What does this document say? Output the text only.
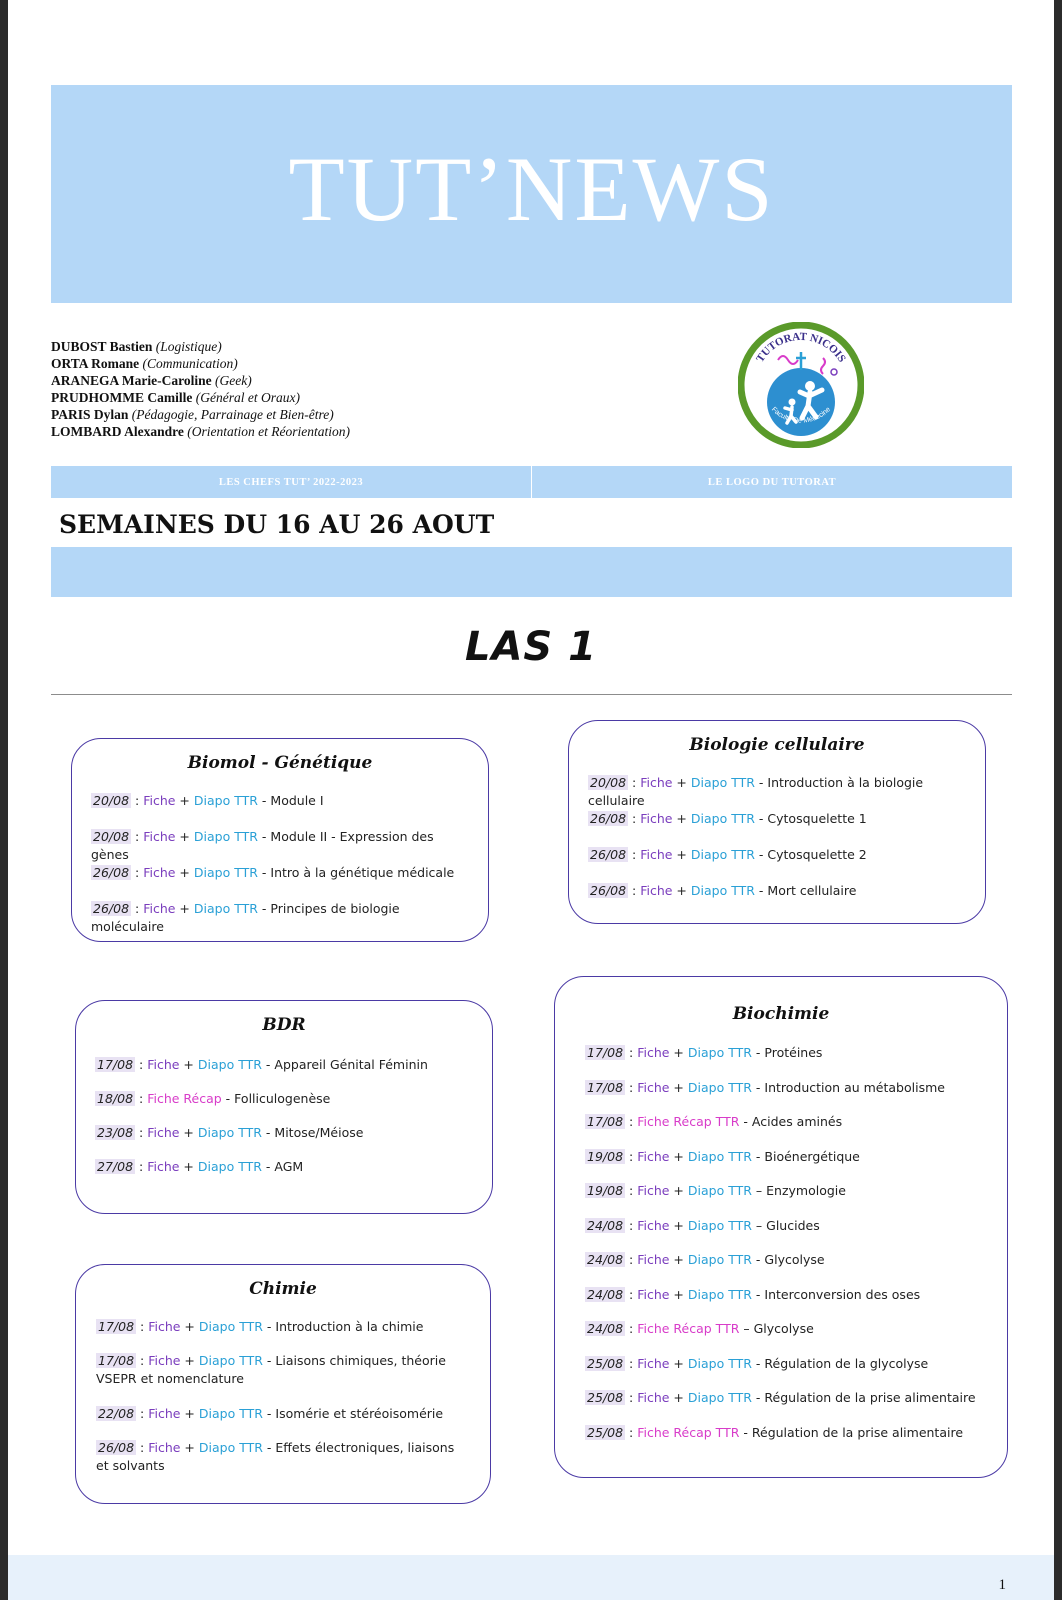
TUT’NEWS
DUBOST Bastien (Logistique)
ORTA Romane (Communication)
ARANEGA Marie-Caroline (Geek)
PRUDHOMME Camille (Général et Oraux)
PARIS Dylan (Pédagogie, Parrainage et Bien-être)
LOMBARD Alexandre (Orientation et Réorientation)
TUTORAT NICOIS
Faculté De Médecine
LES CHEFS TUT’ 2022-2023	LE LOGO DU TUTORAT
SEMAINES DU 16 AU 26 AOUT
LAS 1
Biomol - Génétique
20/08 : Fiche + Diapo TTR - Module I
20/08 : Fiche + Diapo TTR - Module II - Expression des gènes
26/08 : Fiche + Diapo TTR - Intro à la génétique médicale
26/08 : Fiche + Diapo TTR - Principes de biologie moléculaire
Biologie cellulaire
20/08 : Fiche + Diapo TTR - Introduction à la biologie cellulaire
26/08 : Fiche + Diapo TTR - Cytosquelette 1
26/08 : Fiche + Diapo TTR - Cytosquelette 2
26/08 : Fiche + Diapo TTR - Mort cellulaire
BDR
17/08 : Fiche + Diapo TTR - Appareil Génital Féminin
18/08 : Fiche Récap - Folliculogenèse
23/08 : Fiche + Diapo TTR - Mitose/Méiose
27/08 : Fiche + Diapo TTR - AGM
Chimie
17/08 : Fiche + Diapo TTR - Introduction à la chimie
17/08 : Fiche + Diapo TTR - Liaisons chimiques, théorie VSEPR et nomenclature
22/08 : Fiche + Diapo TTR - Isomérie et stéréoisomérie
26/08 : Fiche + Diapo TTR - Effets électroniques, liaisons et solvants
Biochimie
17/08 : Fiche + Diapo TTR - Protéines
17/08 : Fiche + Diapo TTR - Introduction au métabolisme
17/08 : Fiche Récap TTR - Acides aminés
19/08 : Fiche + Diapo TTR - Bioénergétique
19/08 : Fiche + Diapo TTR – Enzymologie
24/08 : Fiche + Diapo TTR – Glucides
24/08 : Fiche + Diapo TTR - Glycolyse
24/08 : Fiche + Diapo TTR - Interconversion des oses
24/08 : Fiche Récap TTR – Glycolyse
25/08 : Fiche + Diapo TTR - Régulation de la glycolyse
25/08 : Fiche + Diapo TTR - Régulation de la prise alimentaire
25/08 : Fiche Récap TTR - Régulation de la prise alimentaire
1
